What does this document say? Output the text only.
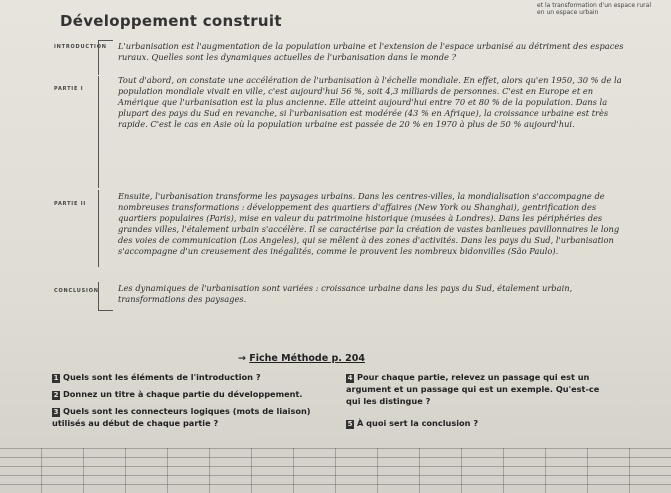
et la transformation d'un espace rural
en un espace urbain
Développement construit
INTRODUCTION L'urbanisation est l'augmentation de la population urbaine et l'extension de l'espace urbanisé au détriment des espaces ruraux. Quelles sont les dynamiques actuelles de l'urbanisation dans le monde ?
PARTIE I
Tout d'abord, on constate une accélération de l'urbanisation à l'échelle mondiale. En effet, alors qu'en 1950, 30 % de la population mondiale vivait en ville, c'est aujourd'hui 56 %, soit 4,3 milliards de personnes. C'est en Europe et en Amérique que l'urbanisation est la plus ancienne. Elle atteint aujourd'hui entre 70 et 80 % de la population. Dans la plupart des pays du Sud en revanche, si l'urbanisation est modérée (43 % en Afrique), la croissance urbaine est très rapide. C'est le cas en Asie où la population urbaine est passée de 20 % en 1970 à plus de 50 % aujourd'hui.
PARTIE II
Ensuite, l'urbanisation transforme les paysages urbains. Dans les centres-villes, la mondialisation s'accompagne de nombreuses transformations : développement des quartiers d'affaires (New York ou Shanghai), gentrification des quartiers populaires (Paris), mise en valeur du patrimoine historique (musées à Londres). Dans les périphéries des grandes villes, l'étalement urbain s'accélère. Il se caractérise par la création de vastes banlieues pavillonnaires le long des voies de communication (Los Angeles), qui se mêlent à des zones d'activités. Dans les pays du Sud, l'urbanisation s'accompagne d'un creusement des inégalités, comme le prouvent les nombreux bidonvilles (São Paulo).
CONCLUSION Les dynamiques de l'urbanisation sont variées : croissance urbaine dans les pays du Sud, étalement urbain, transformations des paysages.
→ Fiche Méthode p. 204
1 Quels sont les éléments de l'introduction ?
2 Donnez un titre à chaque partie du développement.
3 Quels sont les connecteurs logiques (mots de liaison) utilisés au début de chaque partie ?
4 Pour chaque partie, relevez un passage qui est un argument et un passage qui est un exemple. Qu'est-ce qui les distingue ?
5 À quoi sert la conclusion ?
